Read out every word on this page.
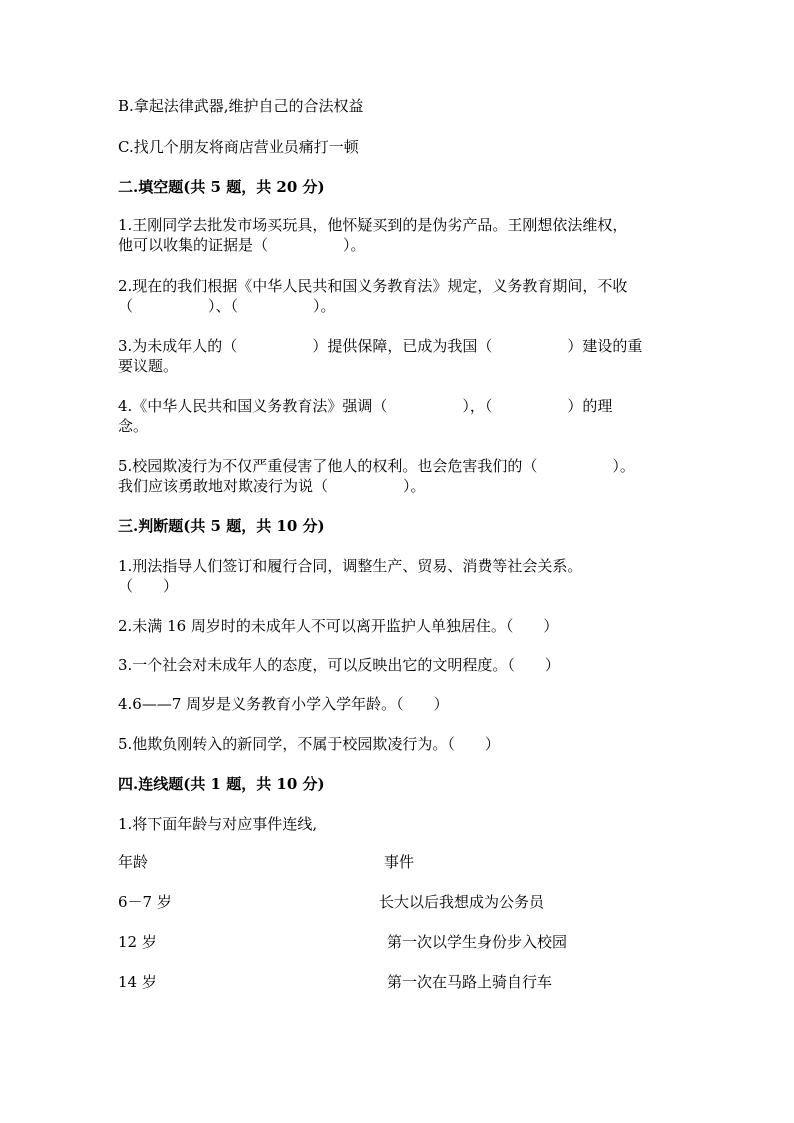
B.拿起法律武器,维护自己的合法权益
C.找几个朋友将商店营业员痛打一顿
二.填空题(共 5 题，共 20 分)
1.王刚同学去批发市场买玩具，他怀疑买到的是伪劣产品。王刚想依法维权，
他可以收集的证据是（　　　　　）。
2.现在的我们根据《中华人民共和国义务教育法》规定，义务教育期间，不收
（　　　　　）、（　　　　　）。
3.为未成年人的（　　　　　）提供保障，已成为我国（　　　　　）建设的重
要议题。
4.《中华人民共和国义务教育法》强调（　　　　　），（　　　　　）的理
念。
5.校园欺凌行为不仅严重侵害了他人的权利。也会危害我们的（　　　　　）。
我们应该勇敢地对欺凌行为说（　　　　　）。
三.判断题(共 5 题，共 10 分)
1.刑法指导人们签订和履行合同，调整生产、贸易、消费等社会关系。
（　　）
2.未满 16 周岁时的未成年人不可以离开监护人单独居住。（　　）
3.一个社会对未成年人的态度，可以反映出它的文明程度。（　　）
4.6——7 周岁是义务教育小学入学年龄。（　　）
5.他欺负刚转入的新同学，不属于校园欺凌行为。（　　）
四.连线题(共 1 题，共 10 分)
1.将下面年龄与对应事件连线,
年龄	事件
6－7 岁	长大以后我想成为公务员
12 岁	第一次以学生身份步入校园
14 岁	第一次在马路上骑自行车
